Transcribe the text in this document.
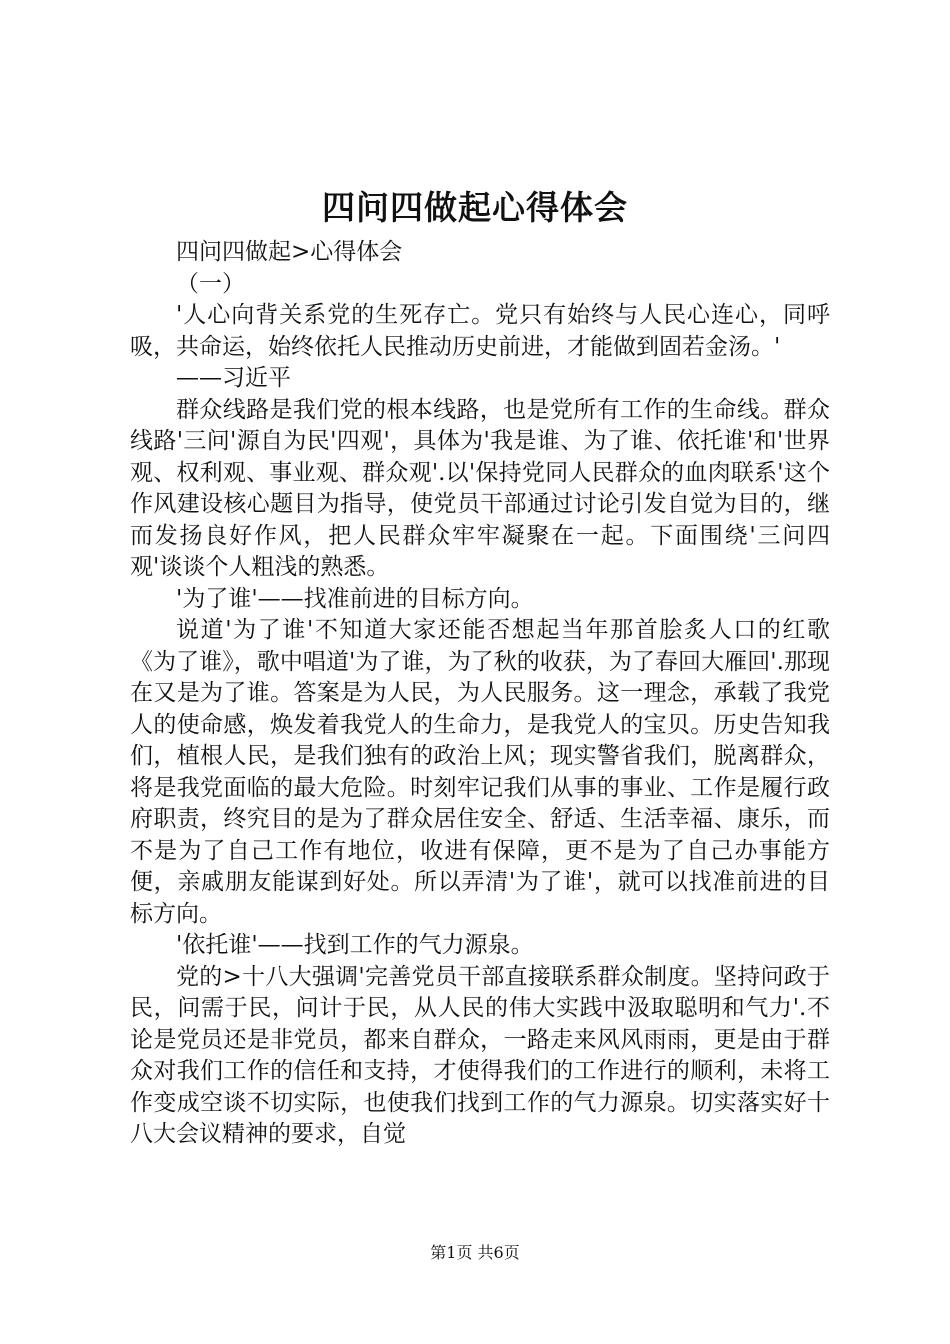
四问四做起心得体会

四问四做起>心得体会

（一）

'人心向背关系党的生死存亡。党只有始终与人民心连心，同呼吸，共命运，始终依托人民推动历史前进，才能做到固若金汤。'

——习近平

群众线路是我们党的根本线路，也是党所有工作的生命线。群众线路'三问'源自为民'四观'，具体为'我是谁、为了谁、依托谁'和'世界观、权利观、事业观、群众观'.以'保持党同人民群众的血肉联系'这个作风建设核心题目为指导，使党员干部通过讨论引发自觉为目的，继而发扬良好作风，把人民群众牢牢凝聚在一起。下面围绕'三问四观'谈谈个人粗浅的熟悉。

'为了谁'——找准前进的目标方向。

说道'为了谁'不知道大家还能否想起当年那首脍炙人口的红歌《为了谁》，歌中唱道'为了谁，为了秋的收获，为了春回大雁回'.那现在又是为了谁。答案是为人民，为人民服务。这一理念，承载了我党人的使命感，焕发着我党人的生命力，是我党人的宝贝。历史告知我们，植根人民，是我们独有的政治上风；现实警省我们，脱离群众，将是我党面临的最大危险。时刻牢记我们从事的事业、工作是履行政府职责，终究目的是为了群众居住安全、舒适、生活幸福、康乐，而不是为了自己工作有地位，收进有保障，更不是为了自己办事能方便，亲戚朋友能谋到好处。所以弄清'为了谁'，就可以找准前进的目标方向。

'依托谁'——找到工作的气力源泉。

党的>十八大强调'完善党员干部直接联系群众制度。坚持问政于民，问需于民，问计于民，从人民的伟大实践中汲取聪明和气力'.不论是党员还是非党员，都来自群众，一路走来风风雨雨，更是由于群众对我们工作的信任和支持，才使得我们的工作进行的顺利，未将工作变成空谈不切实际，也使我们找到工作的气力源泉。切实落实好十八大会议精神的要求，自觉

第1页 共6页
